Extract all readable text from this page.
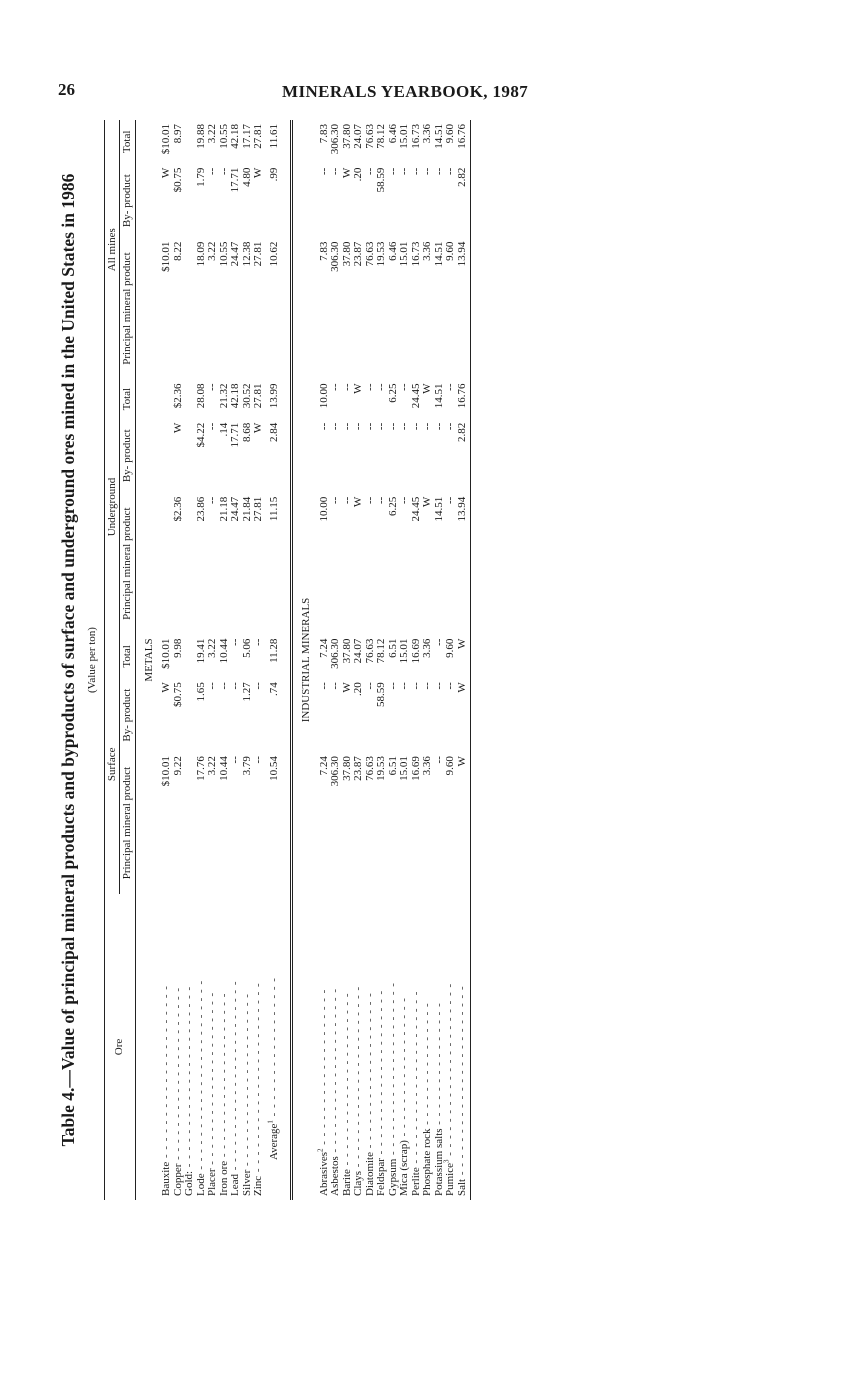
26	MINERALS YEARBOOK, 1987
Table 4.—Value of principal mineral products and byproducts of surface and underground ores mined in the United States in 1986 (Value per ton)
Ore	Surface			Underground			All mines		
	Principal mineral product	By- product	Total	Principal mineral product	By- product	Total	Principal mineral product	By- product	Total
METALS									
Bauxite - - - - - - - - - - - - - - - - - - - - -	$10.01	W	$10.01				$10.01	W	$10.01
Copper - - - - - - - - - - - - - - - - - - - - -	9.22	$0.75	9.98	$2.36	W	$2.36	8.22	$0.75	8.97
Gold: - - - - - - - - - - - - - - - - - - - - - -									
Lode - - - - - - - - - - - - - - - - - - - - - - -	17.76	1.65	19.41	23.86	$4.22	28.08	18.09	1.79	19.88
Placer - - - - - - - - - - - - - - - - - - - - -	3.22	--	3.22	--	--	--	3.22	--	3.22
Iron ore - - - - - - - - - - - - - - - - - - - -	10.44	--	10.44	21.18	.14	21.32	10.55	--	10.55
Lead - - - - - - - - - - - - - - - - - - - - - - -	--	--	--	24.47	17.71	42.18	24.47	17.71	42.18
Silver - - - - - - - - - - - - - - - - - - - - -	3.79	1.27	5.06	21.84	8.68	30.52	12.38	4.80	17.17
Zinc - - - - - - - - - - - - - - - - - - - - - - -	--	--	--	27.81	W	27.81	27.81	W	27.81
Average$^1$ - - - - - - - - - - - - - - - - -	10.54	.74	11.28	11.15	2.84	13.99	10.62	.99	11.61
INDUSTRIAL MINERALS									
Abrasives$^2$ - - - - - - - - - - - - - - - - - - -	7.24	--	7.24	10.00	--	10.00	7.83	--	7.83
Asbestos - - - - - - - - - - - - - - - - - - - -	306.30	--	306.30	--	--	--	306.30	--	306.30
Barite - - - - - - - - - - - - - - - - - - - - -	37.80	W	37.80	--	--	--	37.80	W	37.80
Clays - - - - - - - - - - - - - - - - - - - - - -	23.87	.20	24.07	W	--	W	23.87	.20	24.07
Diatomite - - - - - - - - - - - - - - - - - - -	76.63	--	76.63	--	--	--	76.63	--	76.63
Feldspar - - - - - - - - - - - - - - - - - - - -	19.53	58.59	78.12	--	--	--	19.53	58.59	78.12
Gypsum - - - - - - - - - - - - - - - - - - - - -	6.51	--	6.51	6.25	--	6.25	6.46	--	6.46
Mica (scrap) - - - - - - - - - - - - - - - - -	15.01	--	15.01	--	--	--	15.01	--	15.01
Perlite - - - - - - - - - - - - - - - - - - - - -	16.69	--	16.69	24.45	--	24.45	16.73	--	16.73
Phosphate rock - - - - - - - - - - - - - - -	3.36	--	3.36	W	--	W	3.36	--	3.36
Potassium salts - - - - - - - - - - - - - - -	--	--	--	14.51	--	14.51	14.51	--	14.51
Pumice$^3$ - - - - - - - - - - - - - - - - - - - - -	9.60	--	9.60	--	--	--	9.60	--	9.60
Salt - - - - - - - - - - - - - - - - - - - - - - -	W	W	W	13.94	2.82	16.76	13.94	2.82	16.76
